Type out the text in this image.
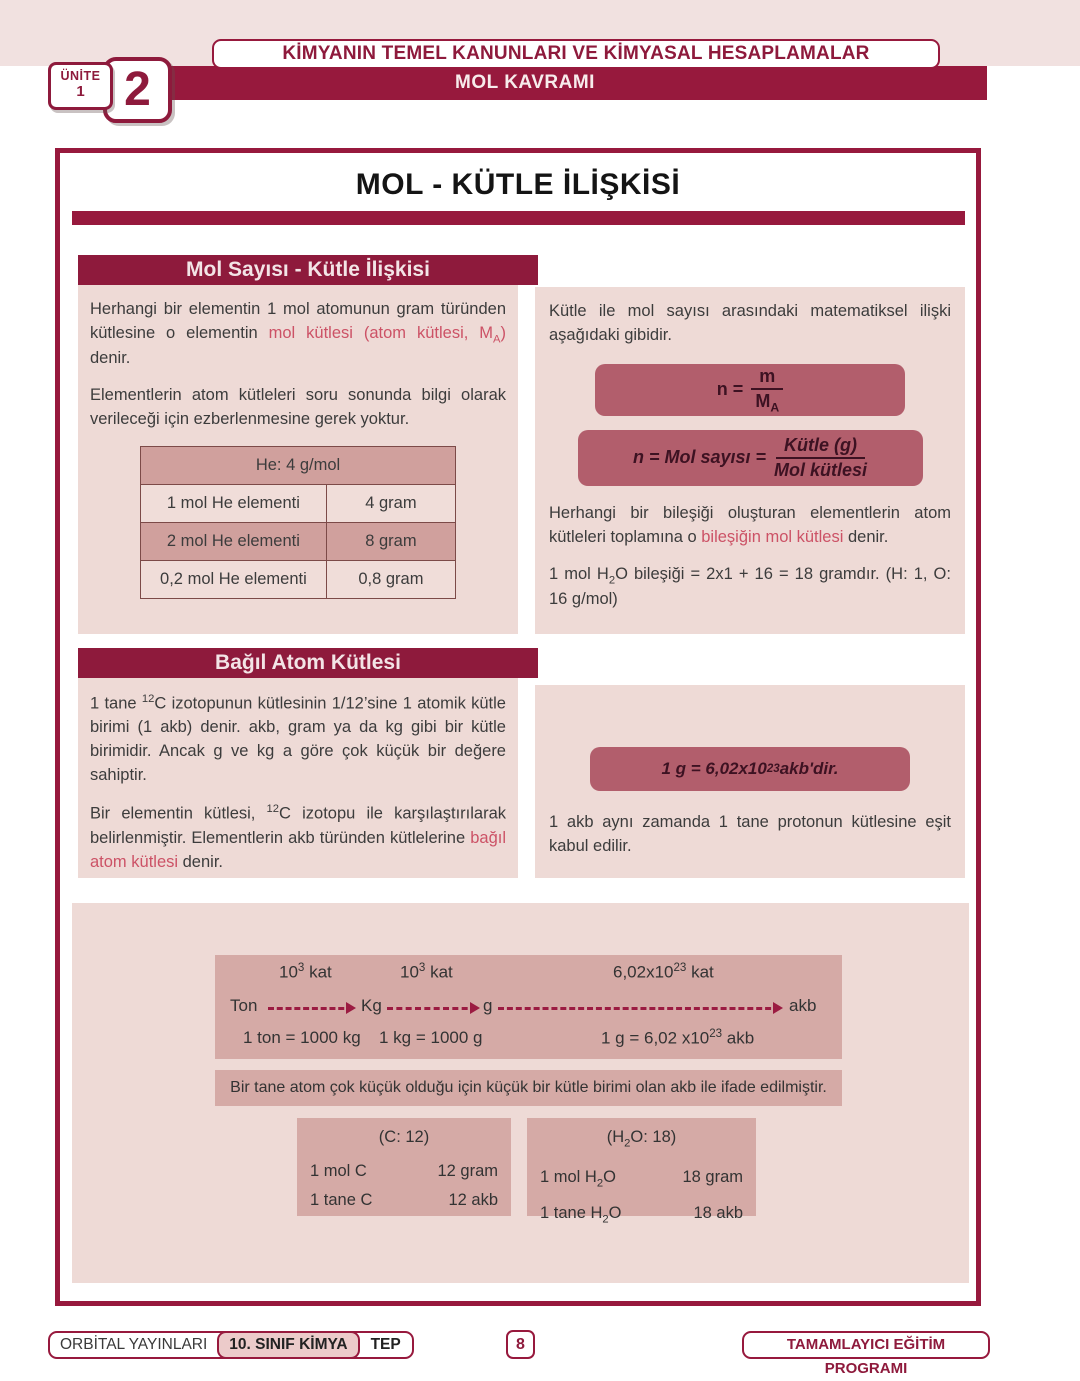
KİMYANIN TEMEL KANUNLARI VE KİMYASAL HESAPLAMALAR
MOL KAVRAMI
2
ÜNİTE
1
MOL - KÜTLE İLİŞKİSİ
Mol Sayısı - Kütle İlişkisi

Herhangi bir elementin 1 mol atomunun gram türünden kütlesine o elementin mol kütlesi (atom kütlesi, $M_A$) denir.

Elementlerin atom kütleleri soru sonunda bilgi olarak verileceği için ezberlenmesine gerek yoktur.

He: 4 g/mol	
1 mol He elementi	4 gram
2 mol He elementi	8 gram
0,2 mol He elementi	0,8 gram

Kütle ile mol sayısı arasındaki matematiksel ilişki aşağıdaki gibidir.

$n = \frac{m}{M_A}$
n = Mol sayısı = $\frac{\text{Kütle (g)}}{\text{Mol kütlesi}}$

Herhangi bir bileşiği oluşturan elementlerin atom kütleleri toplamına o bileşiğin mol kütlesi denir.

1 mol $H_2O$ bileşiği = 2x1 + 16 = 18 gramdır. (H: 1, O: 16 g/mol)

Bağıl Atom Kütlesi

1 tane $^{12}$C izotopunun kütlesinin 1/12’sine 1 atomik kütle birimi (1 akb) denir. akb, gram ya da kg gibi bir kütle birimidir. Ancak g ve kg a göre çok küçük bir değere sahiptir.

Bir elementin kütlesi, $^{12}$C izotopu ile karşılaştırılarak belirlenmiştir. Elementlerin akb türünden kütlelerine bağıl atom kütlesi denir.

1 g = 6,02x10 23 akb'dir.

1 akb aynı zamanda 1 tane protonun kütlesine eşit kabul edilir.

$10^3$ kat	$10^3$ kat	$6,02x10^{23}$ kat
Ton	Kg	g	akb
1 ton = 1000 kg 1 kg = 1000 g	1 g = 6,02 $x10^{23}$ akb
Bir tane atom çok küçük olduğu için küçük bir kütle birimi olan akb ile ifade edilmiştir.
(C: 12)
1 mol C	12 gram
1 tane C	12 akb
($H_2O$: 18)
1 mol $H_2O$	18 gram
1 tane $H_2O$	18 akb
ORBİTAL YAYINLARI	10. SINIF KİMYA	TEP	8	TAMAMLAYICI EĞİTİM PROGRAMI
